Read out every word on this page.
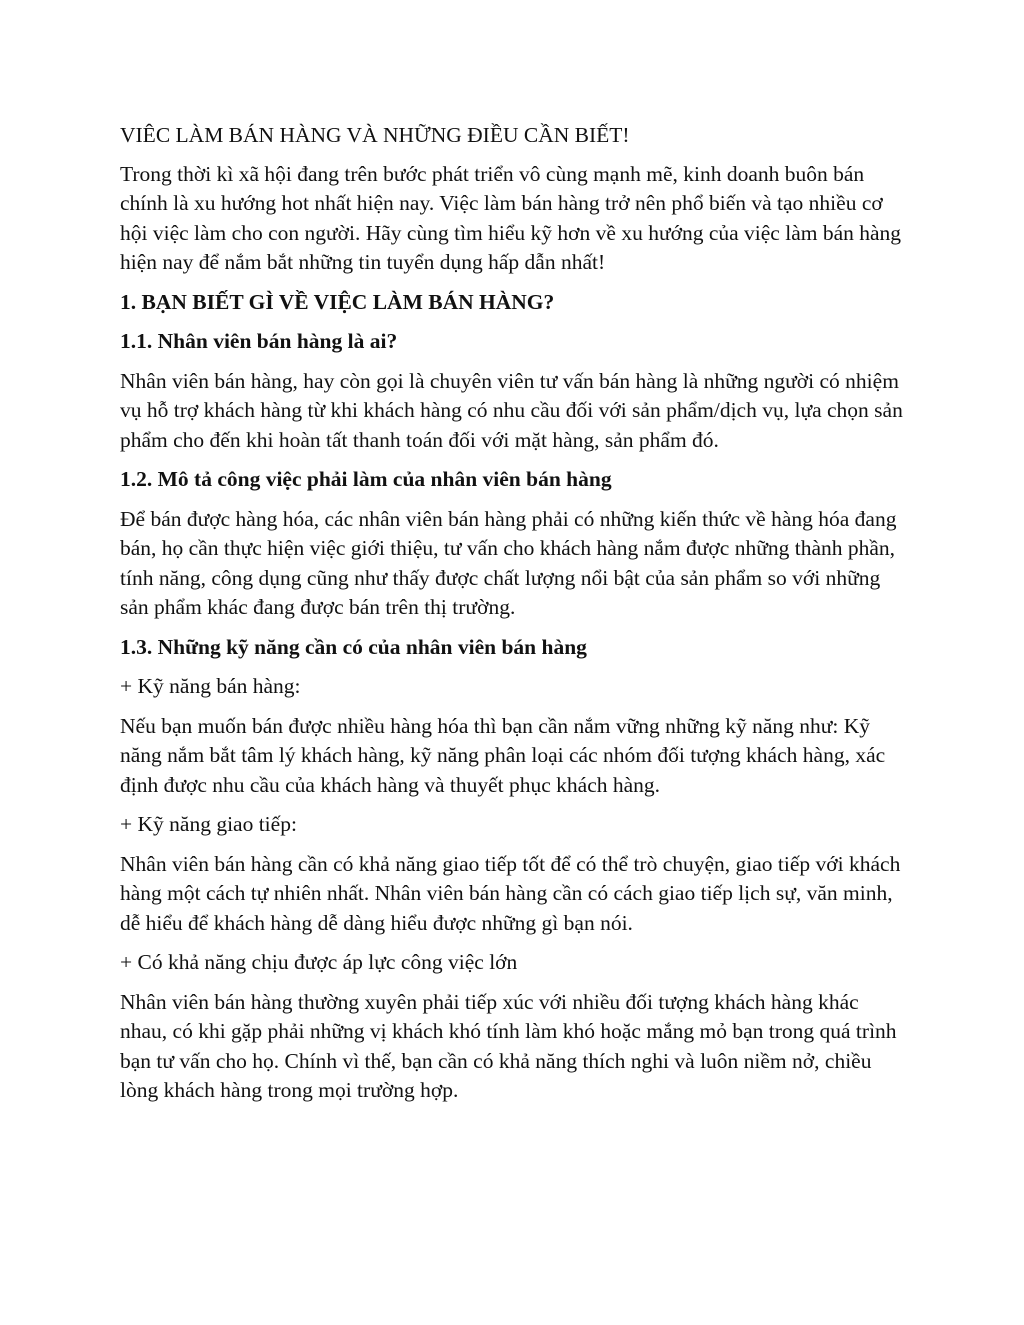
VIÊC LÀM BÁN HÀNG VÀ NHỮNG ĐIỀU CẦN BIẾT!

Trong thời kì xã hội đang trên bước phát triển vô cùng mạnh mẽ, kinh doanh buôn bán chính là xu hướng hot nhất hiện nay. Việc làm bán hàng trở nên phổ biến và tạo nhiều cơ hội việc làm cho con người. Hãy cùng tìm hiểu kỹ hơn về xu hướng của việc làm bán hàng hiện nay để nắm bắt những tin tuyển dụng hấp dẫn nhất!

1. BẠN BIẾT GÌ VỀ VIỆC LÀM BÁN HÀNG?
1.1. Nhân viên bán hàng là ai?

Nhân viên bán hàng, hay còn gọi là chuyên viên tư vấn bán hàng là những người có nhiệm vụ hỗ trợ khách hàng từ khi khách hàng có nhu cầu đối với sản phẩm/dịch vụ, lựa chọn sản phẩm cho đến khi hoàn tất thanh toán đối với mặt hàng, sản phẩm đó.

1.2. Mô tả công việc phải làm của nhân viên bán hàng

Để bán được hàng hóa, các nhân viên bán hàng phải có những kiến thức về hàng hóa đang bán, họ cần thực hiện việc giới thiệu, tư vấn cho khách hàng nắm được những thành phần, tính năng, công dụng cũng như thấy được chất lượng nổi bật của sản phẩm so với những sản phẩm khác đang được bán trên thị trường.

1.3. Những kỹ năng cần có của nhân viên bán hàng

+ Kỹ năng bán hàng:

Nếu bạn muốn bán được nhiều hàng hóa thì bạn cần nắm vững những kỹ năng như: Kỹ năng nắm bắt tâm lý khách hàng, kỹ năng phân loại các nhóm đối tượng khách hàng, xác định được nhu cầu của khách hàng và thuyết phục khách hàng.

+ Kỹ năng giao tiếp:

Nhân viên bán hàng cần có khả năng giao tiếp tốt để có thể trò chuyện, giao tiếp với khách hàng một cách tự nhiên nhất. Nhân viên bán hàng cần có cách giao tiếp lịch sự, văn minh, dễ hiểu để khách hàng dễ dàng hiểu được những gì bạn nói.

+ Có khả năng chịu được áp lực công việc lớn

Nhân viên bán hàng thường xuyên phải tiếp xúc với nhiều đối tượng khách hàng khác nhau, có khi gặp phải những vị khách khó tính làm khó hoặc mắng mỏ bạn trong quá trình bạn tư vấn cho họ. Chính vì thế, bạn cần có khả năng thích nghi và luôn niềm nở, chiều lòng khách hàng trong mọi trường hợp.
